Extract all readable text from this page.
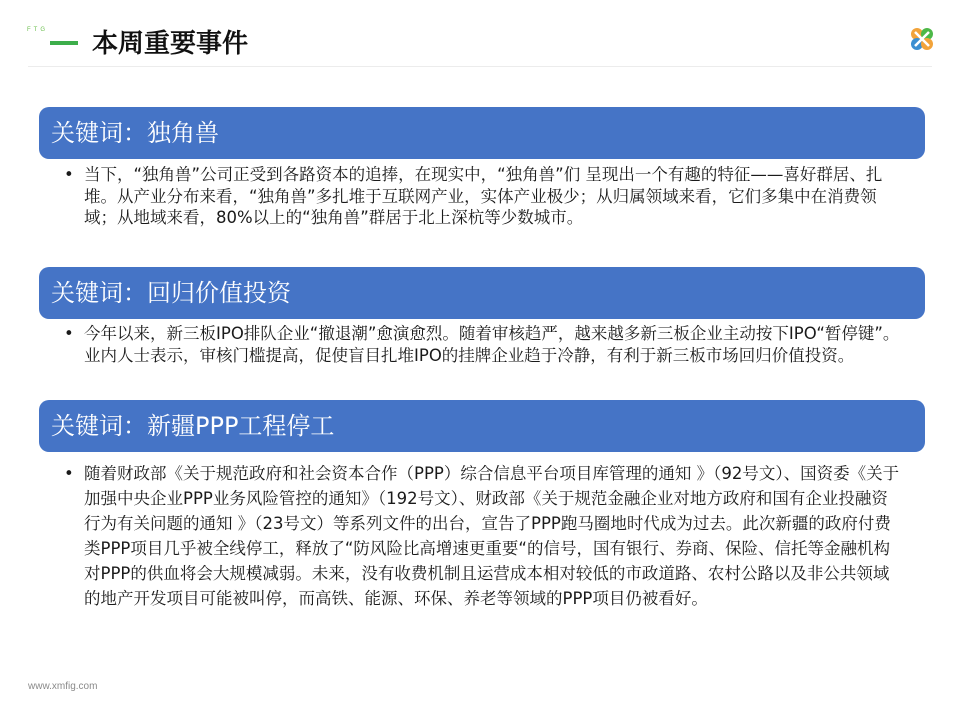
FTG 本周重要事件
关键词：独角兽
• 当下，“独角兽”公司正受到各路资本的追捧，在现实中，“独角兽”们 呈现出一个有趣的特征——喜好群居、扎堆。从产业分布来看，“独角兽”多扎堆于互联网产业，实体产业极少；从归属领域来看，它们多集中在消费领域；从地域来看，80%以上的“独角兽”群居于北上深杭等少数城市。
关键词：回归价值投资
• 今年以来，新三板IPO排队企业“撤退潮”愈演愈烈。随着审核趋严，越来越多新三板企业主动按下IPO“暂停键”。业内人士表示，审核门槛提高，促使盲目扎堆IPO的挂牌企业趋于冷静，有利于新三板市场回归价值投资。
关键词：新疆PPP工程停工
• 随着财政部《关于规范政府和社会资本合作（PPP）综合信息平台项目库管理的通知 》（92号文）、国资委《关于加强中央企业PPP业务风险管控的通知》（192号文）、财政部《关于规范金融企业对地方政府和国有企业投融资行为有关问题的通知 》（23号文）等系列文件的出台，宣告了PPP跑马圈地时代成为过去。此次新疆的政府付费类PPP项目几乎被全线停工，释放了“防风险比高增速更重要“的信号，国有银行、券商、保险、信托等金融机构对PPP的供血将会大规模减弱。未来，没有收费机制且运营成本相对较低的市政道路、农村公路以及非公共领域的地产开发项目可能被叫停，而高铁、能源、环保、养老等领域的PPP项目仍被看好。
www.xmfig.com
